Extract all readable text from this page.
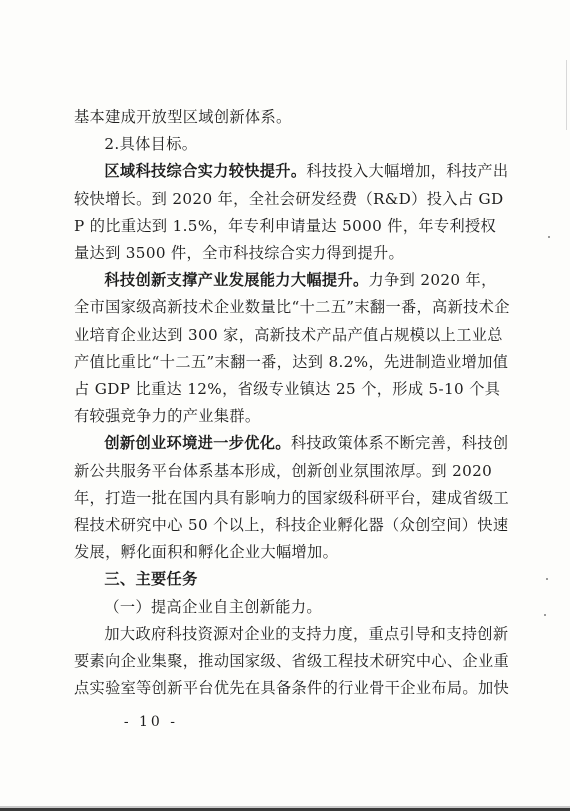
基本建成开放型区域创新体系。

2.具体目标。

区域科技综合实力较快提升。科技投入大幅增加，科技产出较快增长。到 2020 年，全社会研发经费（R&D）投入占 GDP 的比重达到 1.5%，年专利申请量达 5000 件，年专利授权量达到 3500 件，全市科技综合实力得到提升。

科技创新支撑产业发展能力大幅提升。力争到 2020 年，全市国家级高新技术企业数量比“十二五”末翻一番，高新技术企业培育企业达到 300 家，高新技术产品产值占规模以上工业总产值比重比“十二五”末翻一番，达到 8.2%，先进制造业增加值占 GDP 比重达 12%，省级专业镇达 25 个，形成 5-10 个具有较强竞争力的产业集群。

创新创业环境进一步优化。科技政策体系不断完善，科技创新公共服务平台体系基本形成，创新创业氛围浓厚。到 2020 年，打造一批在国内具有影响力的国家级科研平台，建成省级工程技术研究中心 50 个以上，科技企业孵化器（众创空间）快速发展，孵化面积和孵化企业大幅增加。

三、主要任务

（一）提高企业自主创新能力。

加大政府科技资源对企业的支持力度，重点引导和支持创新要素向企业集聚，推动国家级、省级工程技术研究中心、企业重点实验室等创新平台优先在具备条件的行业骨干企业布局。加快

- 10 -
